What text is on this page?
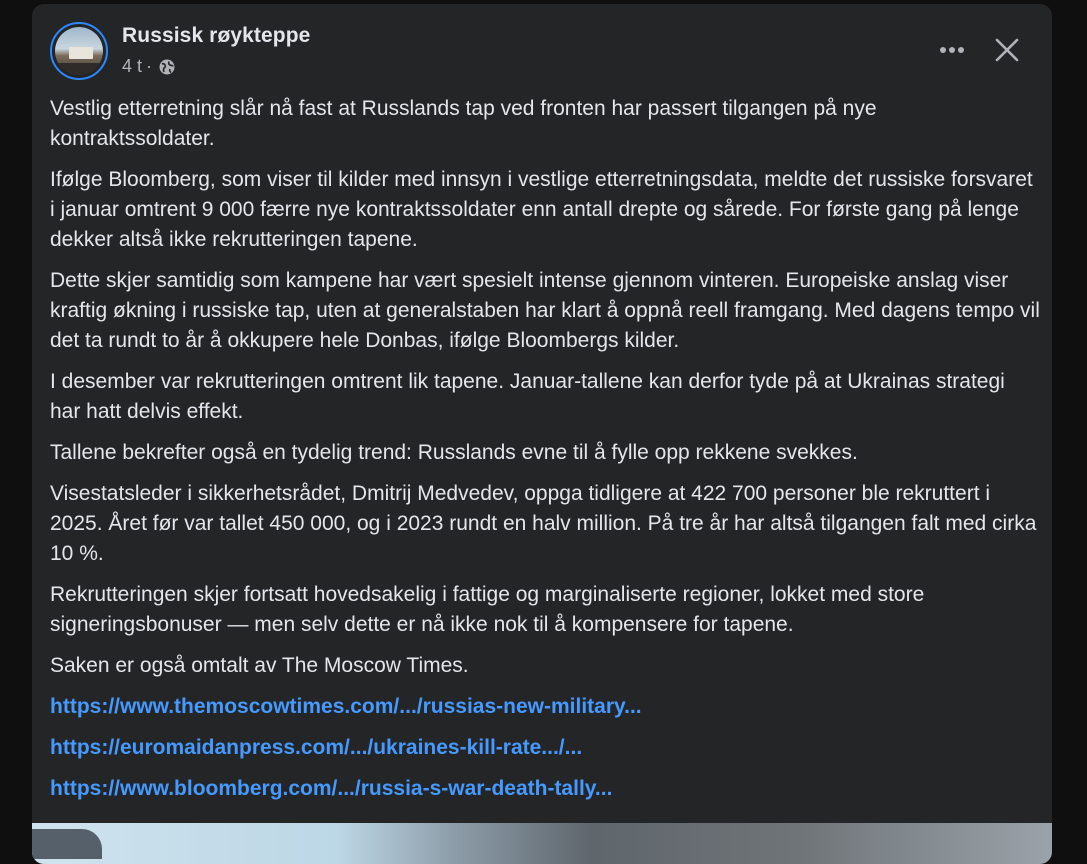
Russisk røykteppe
4 t ·

Vestlig etterretning slår nå fast at Russlands tap ved fronten har passert tilgangen på nye kontraktssoldater.

Ifølge Bloomberg, som viser til kilder med innsyn i vestlige etterretningsdata, meldte det russiske forsvaret i januar omtrent 9 000 færre nye kontraktssoldater enn antall drepte og sårede. For første gang på lenge dekker altså ikke rekrutteringen tapene.

Dette skjer samtidig som kampene har vært spesielt intense gjennom vinteren. Europeiske anslag viser kraftig økning i russiske tap, uten at generalstaben har klart å oppnå reell framgang. Med dagens tempo vil det ta rundt to år å okkupere hele Donbas, ifølge Bloombergs kilder.

I desember var rekrutteringen omtrent lik tapene. Januar-tallene kan derfor tyde på at Ukrainas strategi har hatt delvis effekt.

Tallene bekrefter også en tydelig trend: Russlands evne til å fylle opp rekkene svekkes.

Visestatsleder i sikkerhetsrådet, Dmitrij Medvedev, oppga tidligere at 422 700 personer ble rekruttert i 2025. Året før var tallet 450 000, og i 2023 rundt en halv million. På tre år har altså tilgangen falt med cirka 10 %.

Rekrutteringen skjer fortsatt hovedsakelig i fattige og marginaliserte regioner, lokket med store signeringsbonuser — men selv dette er nå ikke nok til å kompensere for tapene.

Saken er også omtalt av The Moscow Times.

https://www.themoscowtimes.com/.../russias-new-military...
https://euromaidanpress.com/.../ukraines-kill-rate.../...
https://www.bloomberg.com/.../russia-s-war-death-tally...
